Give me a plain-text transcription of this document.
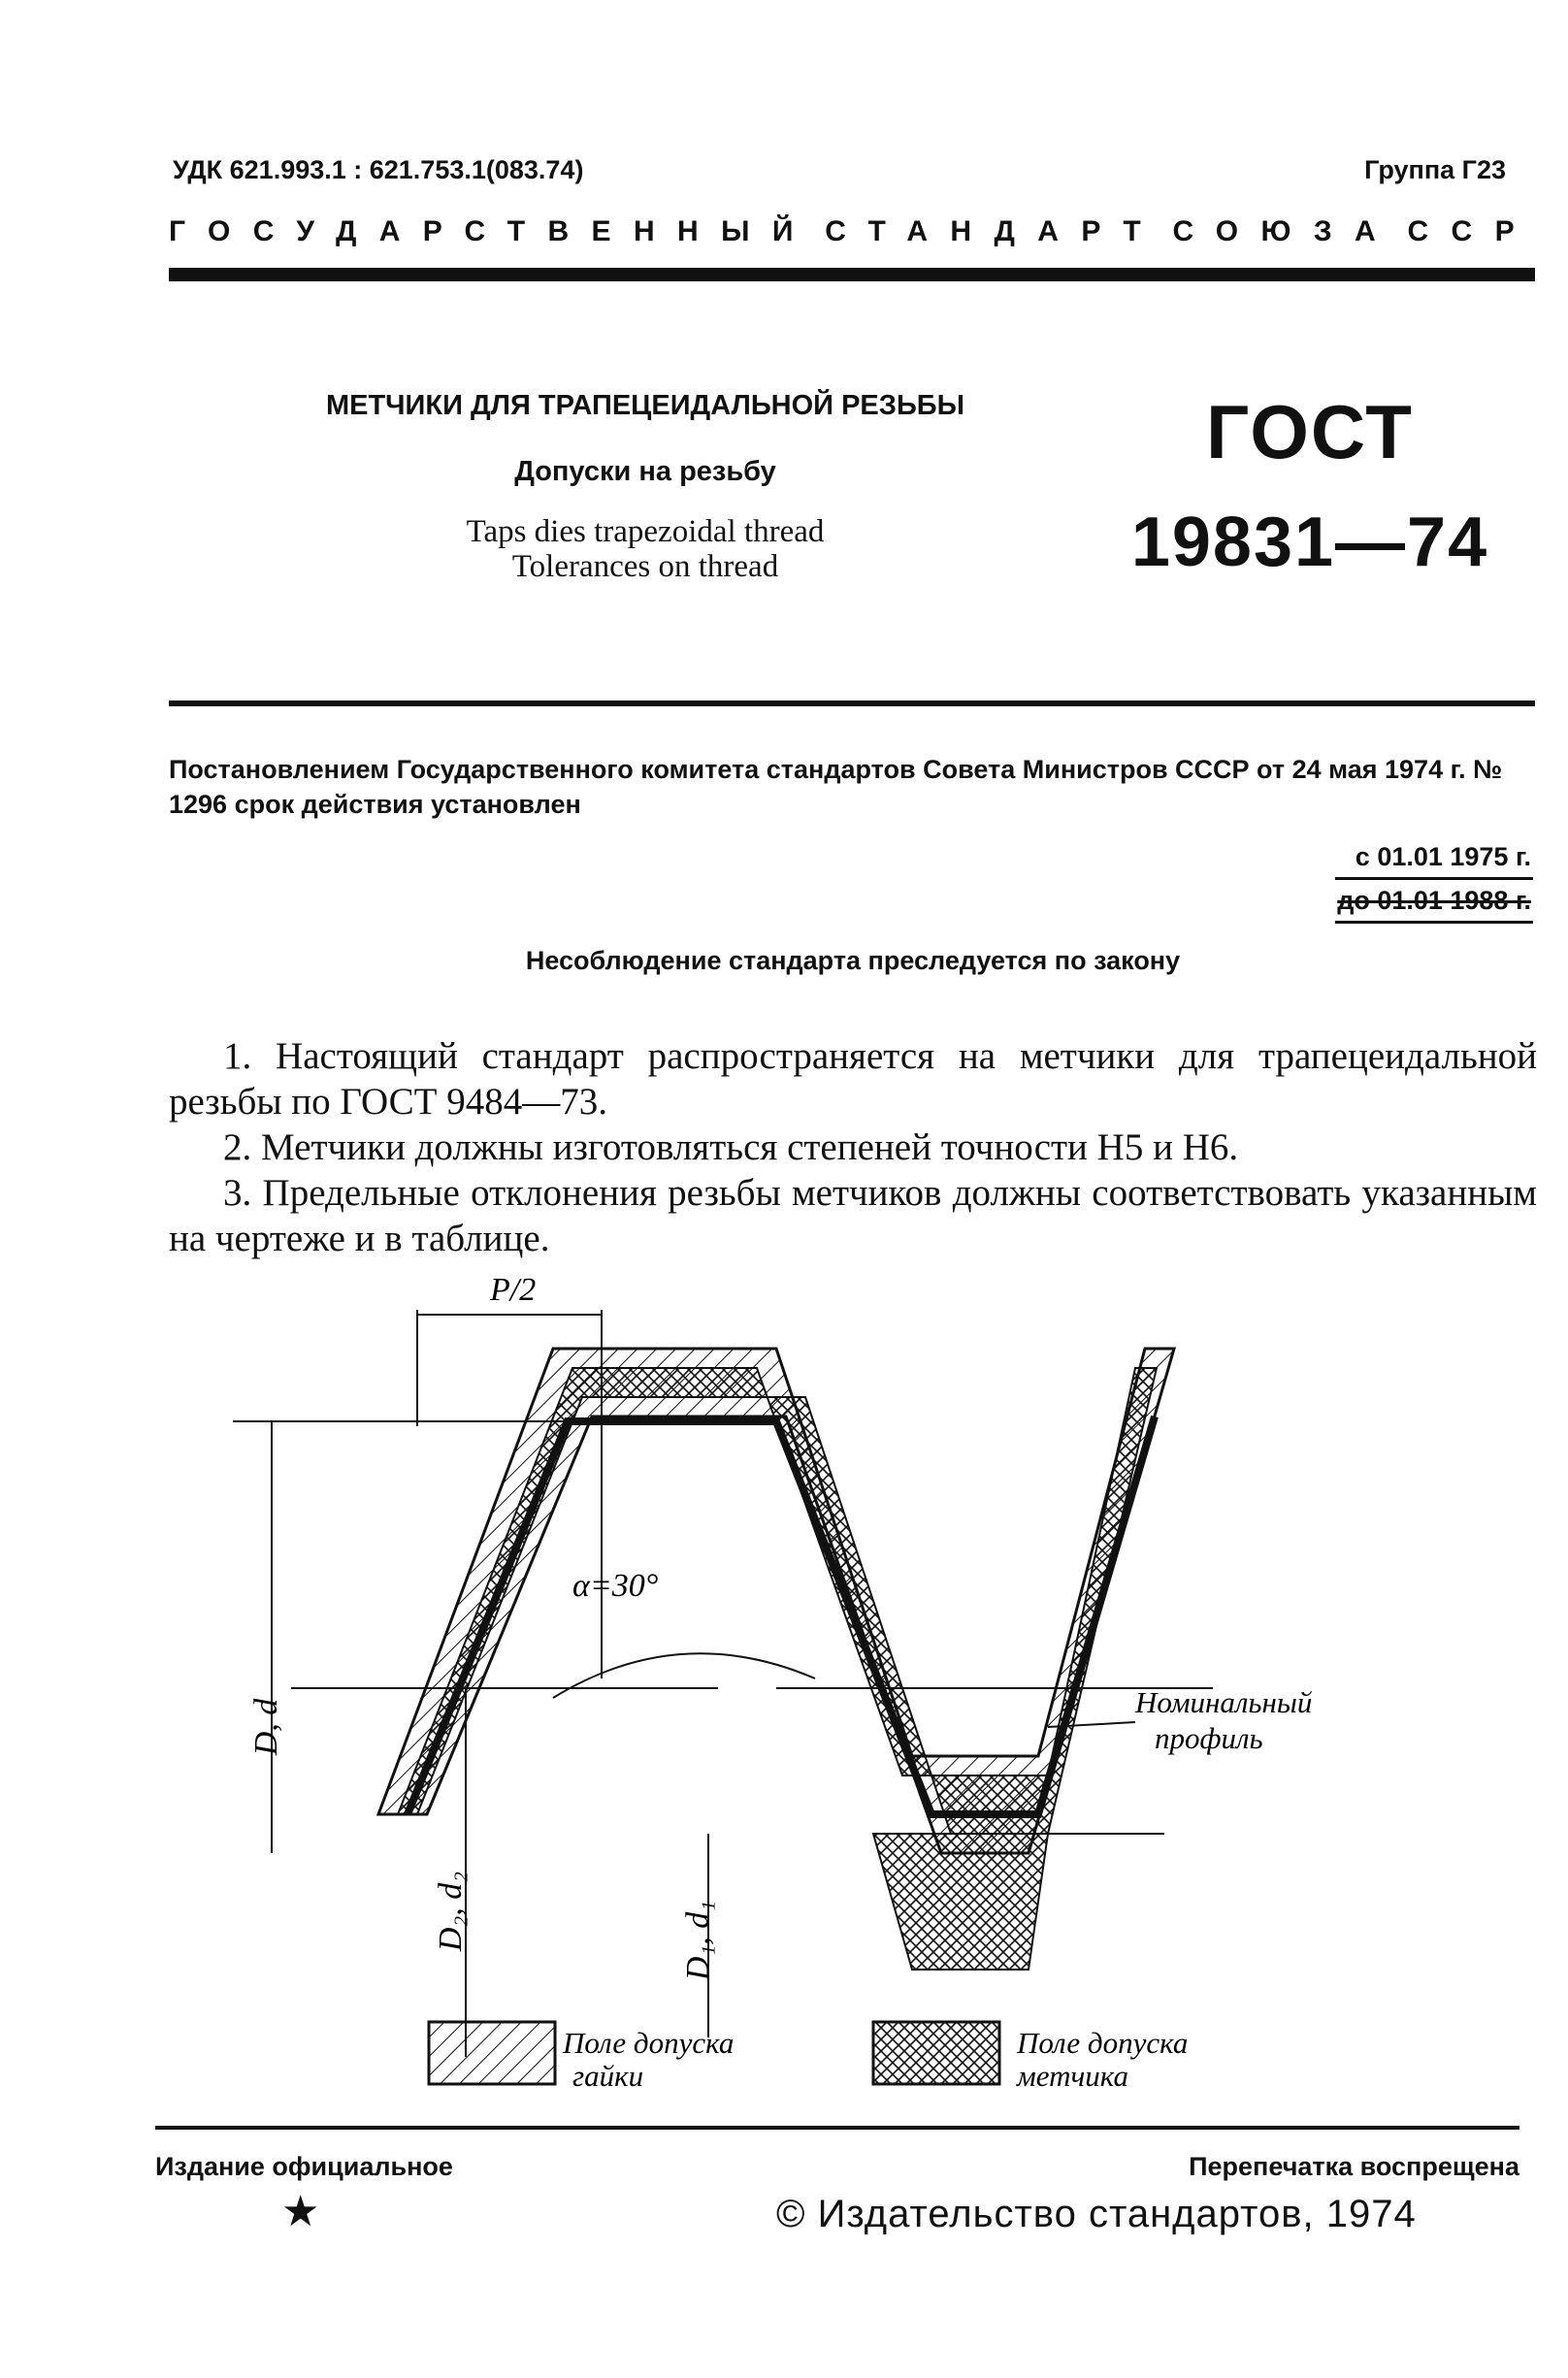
УДК 621.993.1 : 621.753.1(083.74)	Группа Г23
ГОСУДАРСТВЕННЫЙ СТАНДАРТ СОЮЗА ССР
МЕТЧИКИ ДЛЯ ТРАПЕЦЕИДАЛЬНОЙ РЕЗЬБЫ
Допуски на резьбу
Taps dies trapezoidal thread
Tolerances on thread
ГОСТ
19831—74
Постановлением Государственного комитета стандартов Совета Министров СССР от 24 мая 1974 г. № 1296 срок действия установлен
с 01.01 1975 г.
до 01.01 1988 г.
Несоблюдение стандарта преследуется по закону

1. Настоящий стандарт распространяется на метчики для трапецеидальной резьбы по ГОСТ 9484—73.

2. Метчики должны изготовляться степеней точности Н5 и Н6.

3. Предельные отклонения резьбы метчиков должны соответствовать указанным на чертеже и в таблице.

P/2
α=30°
D, d
D₂, d₂	D₁, d₁
Номинальный
профиль
Поле допуска
гайки
Поле допуска
метчика
Издание официальное	Перепечатка воспрещена
★	© Издательство стандартов, 1974
